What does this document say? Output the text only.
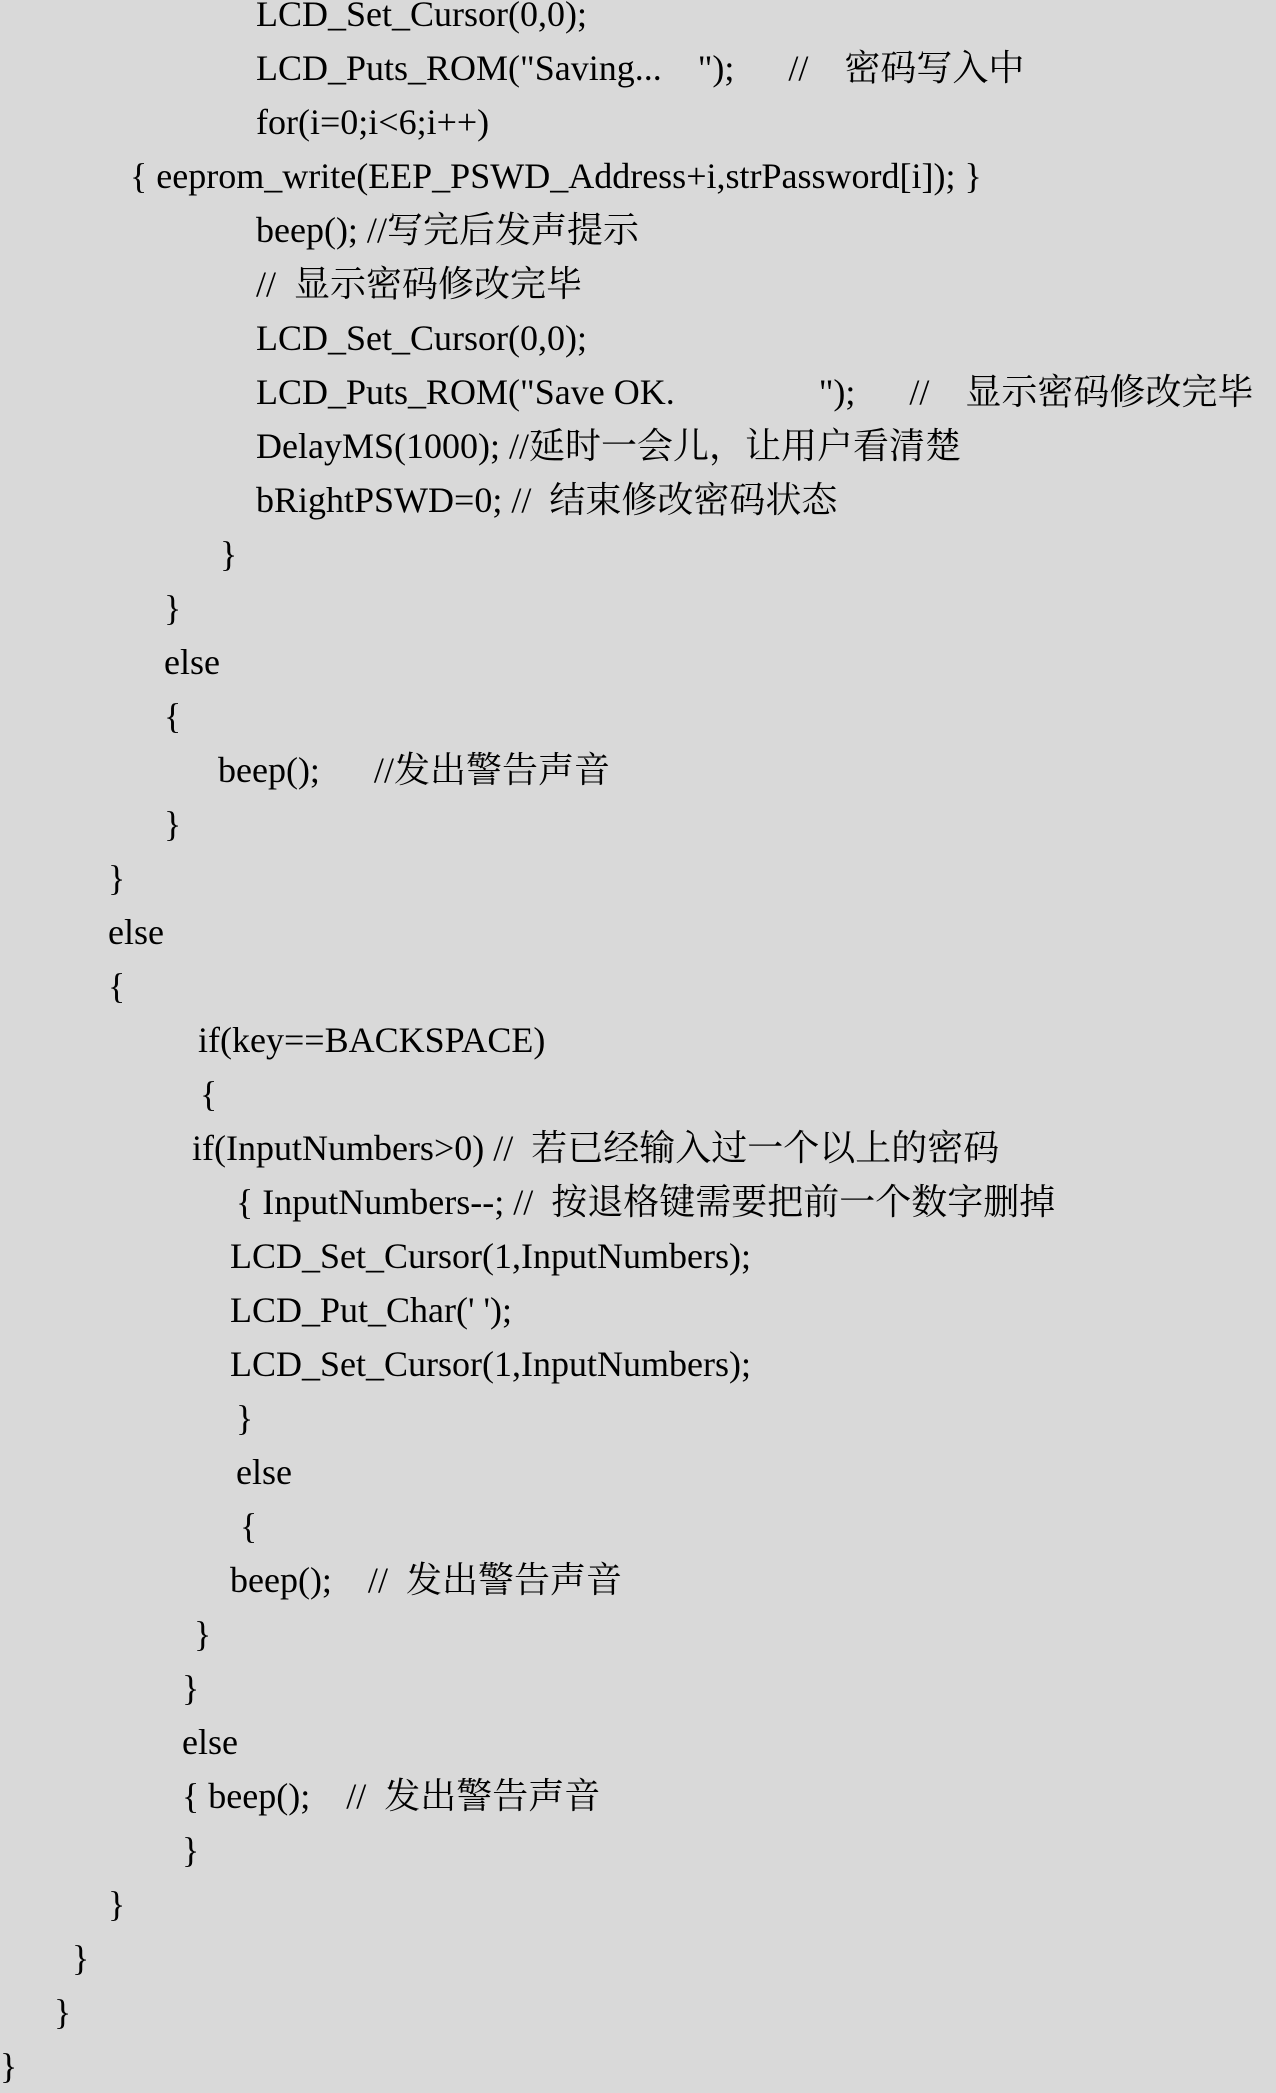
LCD_Set_Cursor(0,0);
LCD_Puts_ROM("Saving...    ");      //    密码写入中
for(i=0;i<6;i++)
{ eeprom_write(EEP_PSWD_Address+i,strPassword[i]); }
beep(); //写完后发声提示
//  显示密码修改完毕
LCD_Set_Cursor(0,0);
LCD_Puts_ROM("Save OK.                ");      //    显示密码修改完毕
DelayMS(1000); //延时一会儿，让用户看清楚
bRightPSWD=0; //  结束修改密码状态
}
}
else
{
beep();      //发出警告声音
}
}
else
{
if(key==BACKSPACE)
{
if(InputNumbers>0) //  若已经输入过一个以上的密码
{ InputNumbers--; //  按退格键需要把前一个数字删掉
LCD_Set_Cursor(1,InputNumbers);
LCD_Put_Char(' ');
LCD_Set_Cursor(1,InputNumbers);
}
else
{
beep();    //  发出警告声音
}
}
else
{ beep();    //  发出警告声音
}
}
}
}
}
